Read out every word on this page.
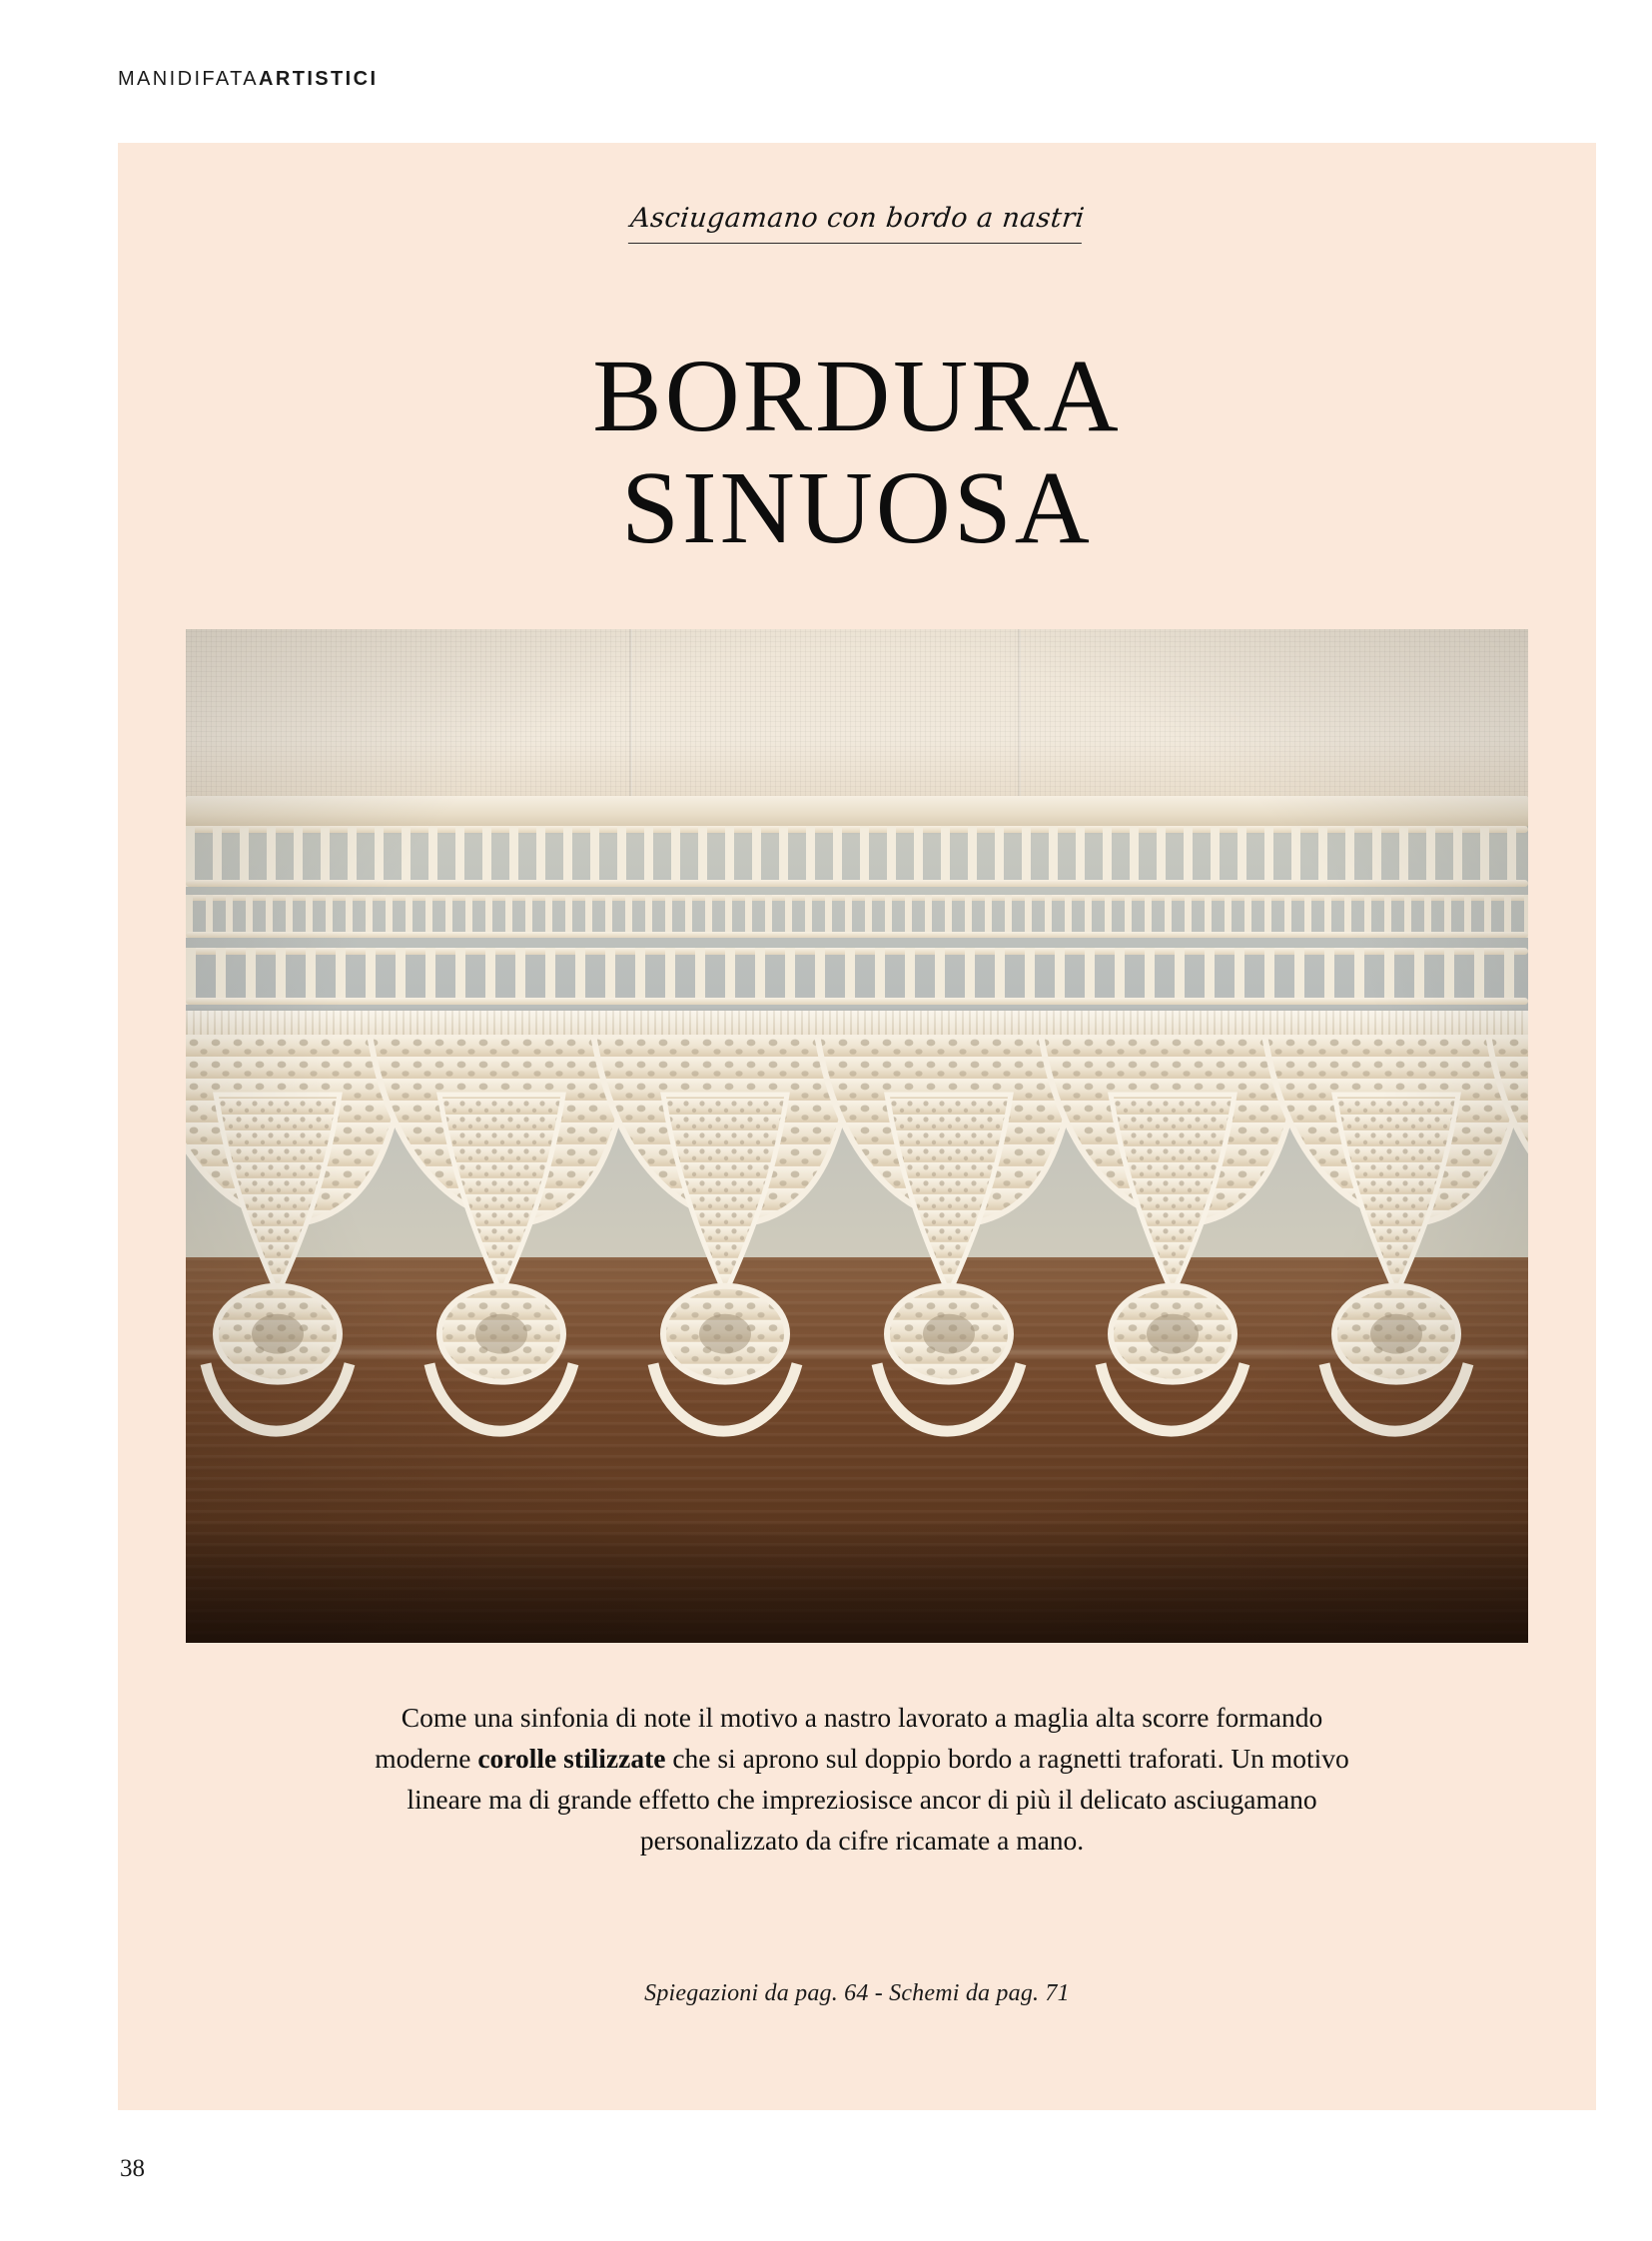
MANIDIFATAARTISTICI
38
Asciugamano con bordo a nastri
BORDURA
SINUOSA

Come una sinfonia di note il motivo a nastro lavorato a maglia alta scorre formando moderne corolle stilizzate che si aprono sul doppio bordo a ragnetti traforati. Un motivo lineare ma di grande effetto che impreziosisce ancor di più il delicato asciugamano personalizzato da cifre ricamate a mano.

Spiegazioni da pag. 64 - Schemi da pag. 71
